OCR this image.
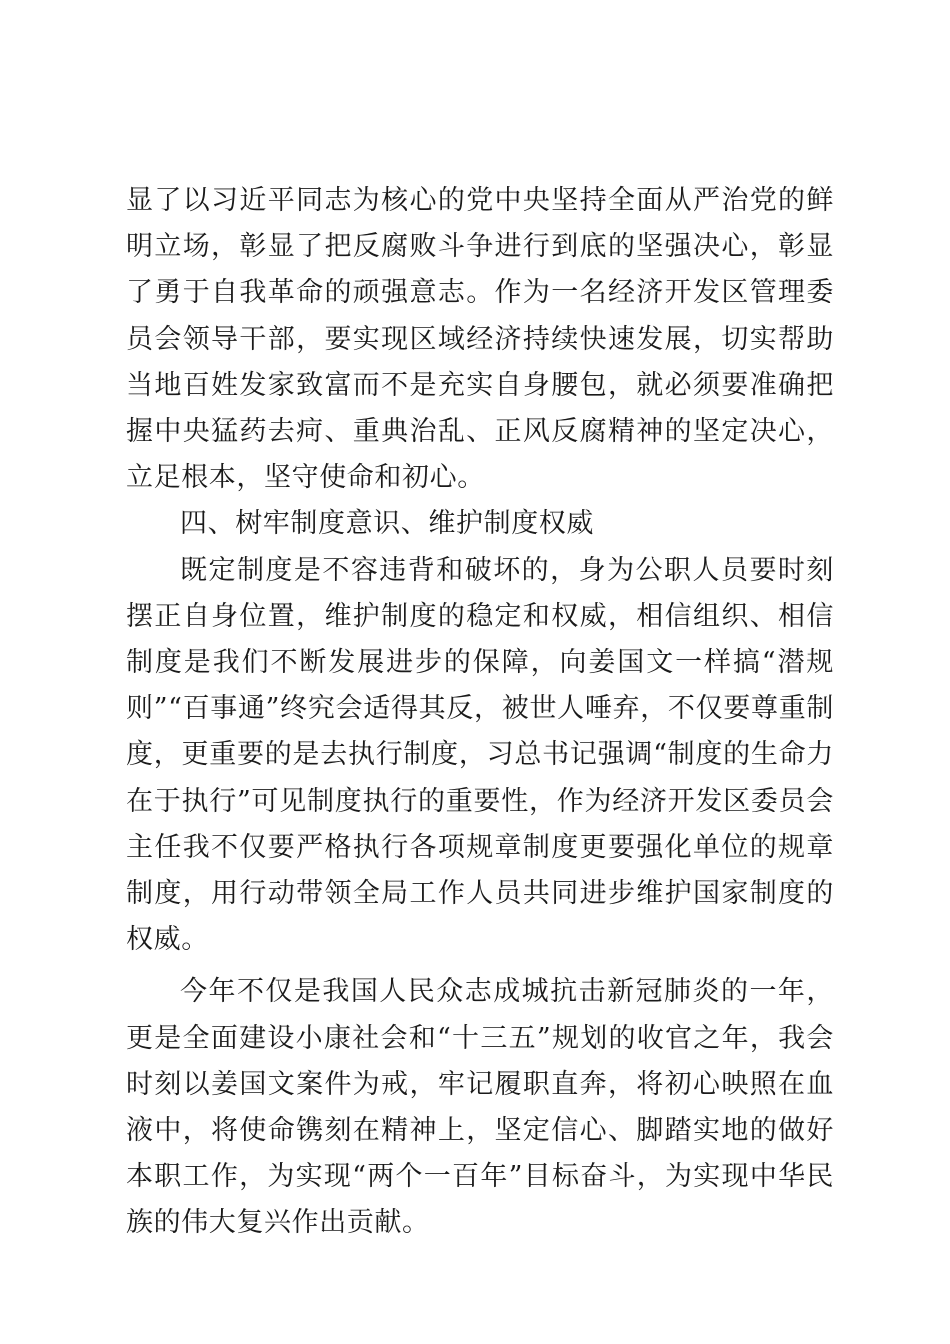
显了以习近平同志为核心的党中央坚持全面从严治党的鲜明立场，彰显了把反腐败斗争进行到底的坚强决心，彰显了勇于自我革命的顽强意志。作为一名经济开发区管理委员会领导干部，要实现区域经济持续快速发展，切实帮助当地百姓发家致富而不是充实自身腰包，就必须要准确把握中央猛药去疴、重典治乱、正风反腐精神的坚定决心，立足根本，坚守使命和初心。

四、树牢制度意识、维护制度权威

既定制度是不容违背和破坏的，身为公职人员要时刻摆正自身位置，维护制度的稳定和权威，相信组织、相信制度是我们不断发展进步的保障，向姜国文一样搞“潜规则”“百事通”终究会适得其反，被世人唾弃，不仅要尊重制度，更重要的是去执行制度，习总书记强调“制度的生命力在于执行”可见制度执行的重要性，作为经济开发区委员会主任我不仅要严格执行各项规章制度更要强化单位的规章制度，用行动带领全局工作人员共同进步维护国家制度的权威。

今年不仅是我国人民众志成城抗击新冠肺炎的一年，更是全面建设小康社会和“十三五”规划的收官之年，我会时刻以姜国文案件为戒，牢记履职直奔，将初心映照在血液中，将使命镌刻在精神上，坚定信心、脚踏实地的做好本职工作，为实现“两个一百年”目标奋斗，为实现中华民族的伟大复兴作出贡献。
